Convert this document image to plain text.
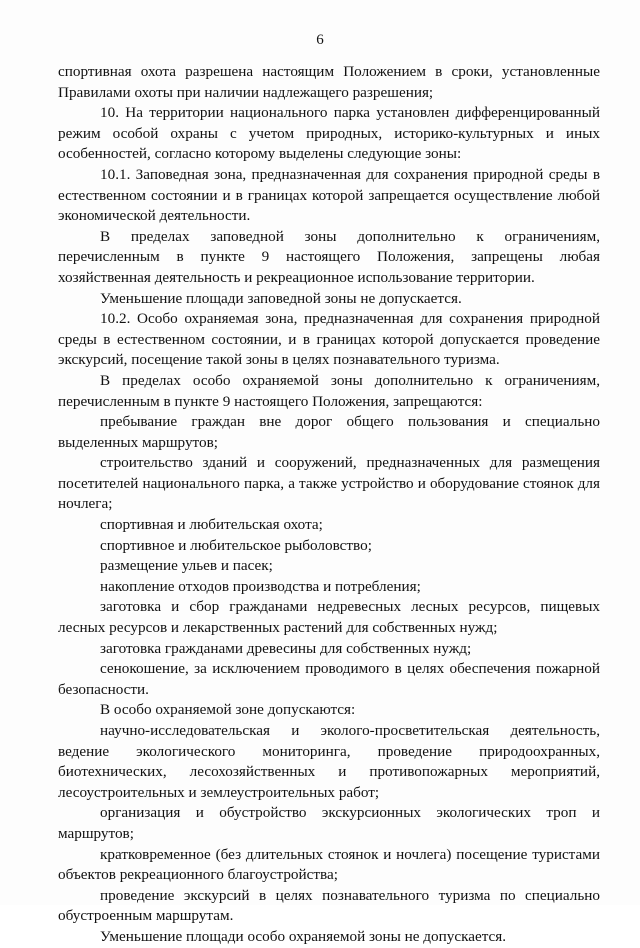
6

спортивная охота разрешена настоящим Положением в сроки, установленные Правилами охоты при наличии надлежащего разрешения;

10. На территории национального парка установлен дифференцированный режим особой охраны с учетом природных, историко-культурных и иных особенностей, согласно которому выделены следующие зоны:

10.1. Заповедная зона, предназначенная для сохранения природной среды в естественном состоянии и в границах которой запрещается осуществление любой экономической деятельности.

В пределах заповедной зоны дополнительно к ограничениям, перечисленным в пункте 9 настоящего Положения, запрещены любая хозяйственная деятельность и рекреационное использование территории.

Уменьшение площади заповедной зоны не допускается.

10.2. Особо охраняемая зона, предназначенная для сохранения природной среды в естественном состоянии, и в границах которой допускается проведение экскурсий, посещение такой зоны в целях познавательного туризма.

В пределах особо охраняемой зоны дополнительно к ограничениям, перечисленным в пункте 9 настоящего Положения, запрещаются:

пребывание граждан вне дорог общего пользования и специально выделенных маршрутов;

строительство зданий и сооружений, предназначенных для размещения посетителей национального парка, а также устройство и оборудование стоянок для ночлега;

спортивная и любительская охота;

спортивное и любительское рыболовство;

размещение ульев и пасек;

накопление отходов производства и потребления;

заготовка и сбор гражданами недревесных лесных ресурсов, пищевых лесных ресурсов и лекарственных растений для собственных нужд;

заготовка гражданами древесины для собственных нужд;

сенокошение, за исключением проводимого в целях обеспечения пожарной безопасности.

В особо охраняемой зоне допускаются:

научно-исследовательская и эколого-просветительская деятельность, ведение экологического мониторинга, проведение природоохранных, биотехнических, лесохозяйственных и противопожарных мероприятий, лесоустроительных и землеустроительных работ;

организация и обустройство экскурсионных экологических троп и маршрутов;

кратковременное (без длительных стоянок и ночлега) посещение туристами объектов рекреационного благоустройства;

проведение экскурсий в целях познавательного туризма по специально обустроенным маршрутам.

Уменьшение площади особо охраняемой зоны не допускается.
